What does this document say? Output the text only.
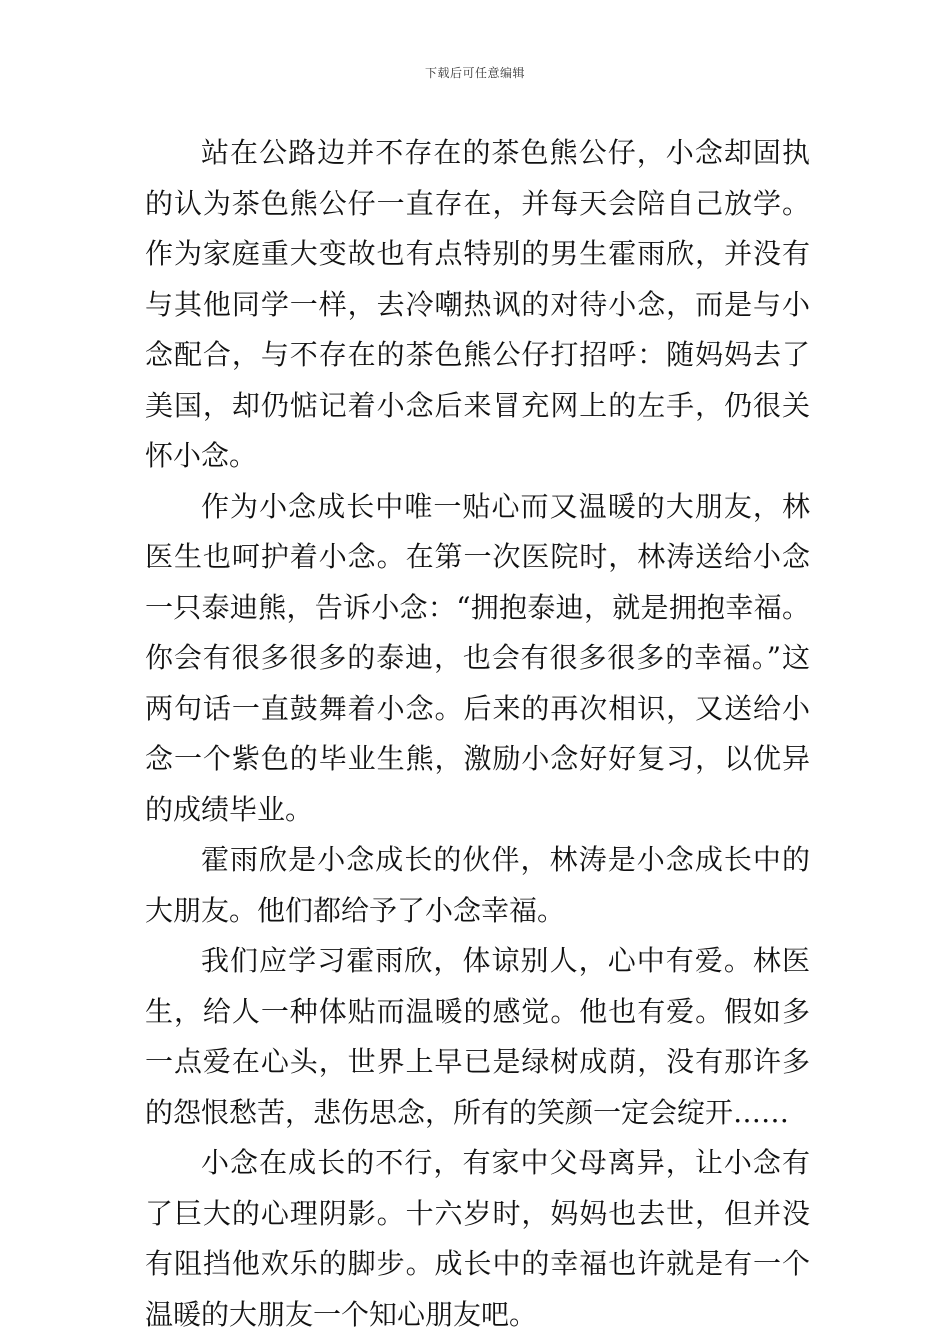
下载后可任意编辑

站在公路边并不存在的茶色熊公仔，小念却固执的认为茶色熊公仔一直存在，并每天会陪自己放学。作为家庭重大变故也有点特别的男生霍雨欣，并没有与其他同学一样，去冷嘲热讽的对待小念，而是与小念配合，与不存在的茶色熊公仔打招呼：随妈妈去了美国，却仍惦记着小念后来冒充网上的左手，仍很关怀小念。

作为小念成长中唯一贴心而又温暖的大朋友，林医生也呵护着小念。在第一次医院时，林涛送给小念一只泰迪熊，告诉小念：“拥抱泰迪，就是拥抱幸福。你会有很多很多的泰迪，也会有很多很多的幸福。”这两句话一直鼓舞着小念。后来的再次相识，又送给小念一个紫色的毕业生熊，激励小念好好复习，以优异的成绩毕业。

霍雨欣是小念成长的伙伴，林涛是小念成长中的大朋友。他们都给予了小念幸福。

我们应学习霍雨欣，体谅别人，心中有爱。林医生，给人一种体贴而温暖的感觉。他也有爱。假如多一点爱在心头，世界上早已是绿树成荫，没有那许多的怨恨愁苦，悲伤思念，所有的笑颜一定会绽开……

小念在成长的不行，有家中父母离异，让小念有了巨大的心理阴影。十六岁时，妈妈也去世，但并没有阻挡他欢乐的脚步。成长中的幸福也许就是有一个温暖的大朋友一个知心朋友吧。
